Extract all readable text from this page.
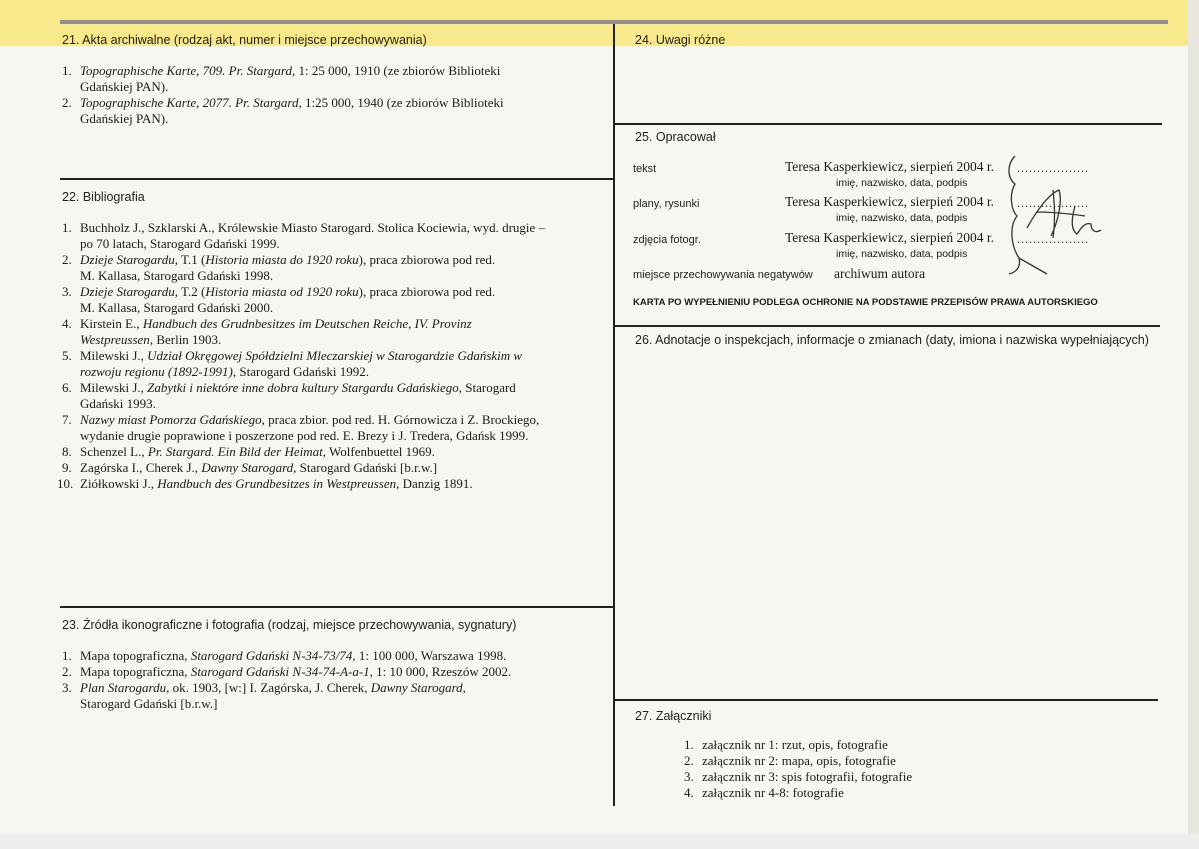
21. Akta archiwalne (rodzaj akt, numer i miejsce przechowywania)
1. Topographische Karte, 709. Pr. Stargard, 1: 25 000, 1910 (ze zbiorów Biblioteki
Gdańskiej PAN).
2. Topographische Karte, 2077. Pr. Stargard, 1:25 000, 1940 (ze zbiorów Biblioteki
Gdańskiej PAN).
22. Bibliografia
1. Buchholz J., Szklarski A., Królewskie Miasto Starogard. Stolica Kociewia, wyd. drugie –
po 70 latach, Starogard Gdański 1999.
2. Dzieje Starogardu, T.1 (Historia miasta do 1920 roku), praca zbiorowa pod red.
M. Kallasa, Starogard Gdański 1998.
3. Dzieje Starogardu, T.2 (Historia miasta od 1920 roku), praca zbiorowa pod red.
M. Kallasa, Starogard Gdański 2000.
4. Kirstein E., Handbuch des Grudnbesitzes im Deutschen Reiche, IV. Provinz
Westpreussen, Berlin 1903.
5. Milewski J., Udział Okręgowej Spółdzielni Mleczarskiej w Starogardzie Gdańskim w
rozwoju regionu (1892-1991), Starogard Gdański 1992.
6. Milewski J., Zabytki i niektóre inne dobra kultury Stargardu Gdańskiego, Starogard
Gdański 1993.
7. Nazwy miast Pomorza Gdańskiego, praca zbior. pod red. H. Górnowicza i Z. Brockiego,
wydanie drugie poprawione i poszerzone pod red. E. Brezy i J. Tredera, Gdańsk 1999.
8. Schenzel L., Pr. Stargard. Ein Bild der Heimat, Wolfenbuettel 1969.
9. Zagórska I., Cherek J., Dawny Starogard, Starogard Gdański [b.r.w.]
10. Ziółkowski J., Handbuch des Grundbesitzes in Westpreussen, Danzig 1891.
23. Źródła ikonograficzne i fotografia (rodzaj, miejsce przechowywania, sygnatury)
1. Mapa topograficzna, Starogard Gdański N-34-73/74, 1: 100 000, Warszawa 1998.
2. Mapa topograficzna, Starogard Gdański N-34-74-A-a-1, 1: 10 000, Rzeszów 2002.
3. Plan Starogardu, ok. 1903, [w:] I. Zagórska, J. Cherek, Dawny Starogard,
Starogard Gdański [b.r.w.]
24. Uwagi różne
25. Opracował
tekst	Teresa Kasperkiewicz, sierpień 2004 r. ..................
imię, nazwisko, data, podpis
plany, rysunki	Teresa Kasperkiewicz, sierpień 2004 r. ..................
imię, nazwisko, data, podpis
zdjęcia fotogr.	Teresa Kasperkiewicz, sierpień 2004 r. ..................
imię, nazwisko, data, podpis
miejsce przechowywania negatywów archiwum autora
KARTA PO WYPEŁNIENIU PODLEGA OCHRONIE NA PODSTAWIE PRZEPISÓW PRAWA AUTORSKIEGO
26. Adnotacje o inspekcjach, informacje o zmianach (daty, imiona i nazwiska wypełniających)
27. Załączniki
1. załącznik nr 1: rzut, opis, fotografie
2. załącznik nr 2: mapa, opis, fotografie
3. załącznik nr 3: spis fotografii, fotografie
4. załącznik nr 4-8: fotografie
